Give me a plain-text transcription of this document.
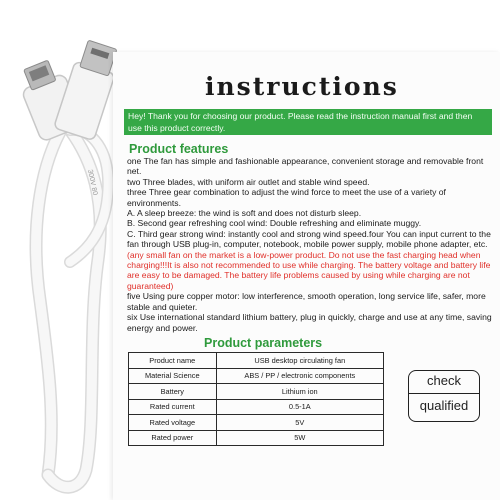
300V 80
instructions
Hey! Thank you for choosing our product. Please read the instruction manual first and then use this product correctly.
Product features

one The fan has simple and fashionable appearance, convenient storage and removable front net.

two Three blades, with uniform air outlet and stable wind speed.

three Three gear combination to adjust the wind force to meet the use of a variety of environments.

A. A sleep breeze: the wind is soft and does not disturb sleep.

B. Second gear refreshing cool wind: Double refreshing and eliminate muggy.

C. Third gear strong wind: instantly cool and strong wind speed.four You can input current to the fan through USB plug-in, computer, notebook, mobile power supply, mobile phone adapter, etc.(any small fan on the market is a low-power product. Do not use the fast charging head when charging!!!It is also not recommended to use while charging. The battery voltage and battery life are easy to be damaged. The battery life problems caused by using while charging are not guaranteed)

five Using pure copper motor: low interference, smooth operation, long service life, safer, more stable and quieter.

six Use international standard lithium battery, plug in quickly, charge and use at any time, saving energy and power.

Product parameters
Product name	USB desktop circulating fan
Material Science	ABS / PP / electronic components
Battery	Lithium ion
Rated current	0.5-1A
Rated voltage	5V
Rated power	5W
check
qualified
